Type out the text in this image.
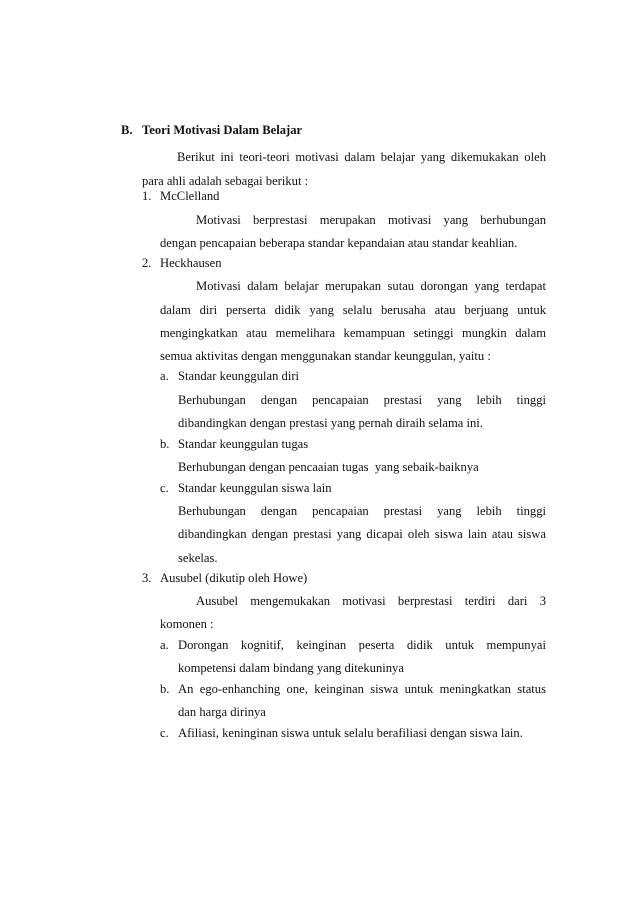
B. Teori Motivasi Dalam Belajar
Berikut ini teori-teori motivasi dalam belajar yang dikemukakan oleh
para ahli adalah sebagai berikut :
1. McClelland
Motivasi berprestasi merupakan motivasi yang berhubungan
dengan pencapaian beberapa standar kepandaian atau standar keahlian.
2. Heckhausen
Motivasi dalam belajar merupakan sutau dorongan yang terdapat
dalam diri perserta didik yang selalu berusaha atau berjuang untuk
mengingkatkan atau memelihara kemampuan setinggi mungkin dalam
semua aktivitas dengan menggunakan standar keunggulan, yaitu :
a. Standar keunggulan diri
Berhubungan dengan pencapaian prestasi yang lebih tinggi
dibandingkan dengan prestasi yang pernah diraih selama ini.
b. Standar keunggulan tugas
Berhubungan dengan pencaaian tugas  yang sebaik-baiknya
c. Standar keunggulan siswa lain
Berhubungan dengan pencapaian prestasi yang lebih tinggi
dibandingkan dengan prestasi yang dicapai oleh siswa lain atau siswa
sekelas.
3. Ausubel (dikutip oleh Howe)
Ausubel mengemukakan motivasi berprestasi terdiri dari 3
komonen :
a. Dorongan kognitif, keinginan peserta didik untuk mempunyai
kompetensi dalam bindang yang ditekuninya
b. An ego-enhanching one, keinginan siswa untuk meningkatkan status
dan harga dirinya
c. Afiliasi, keninginan siswa untuk selalu berafiliasi dengan siswa lain.
